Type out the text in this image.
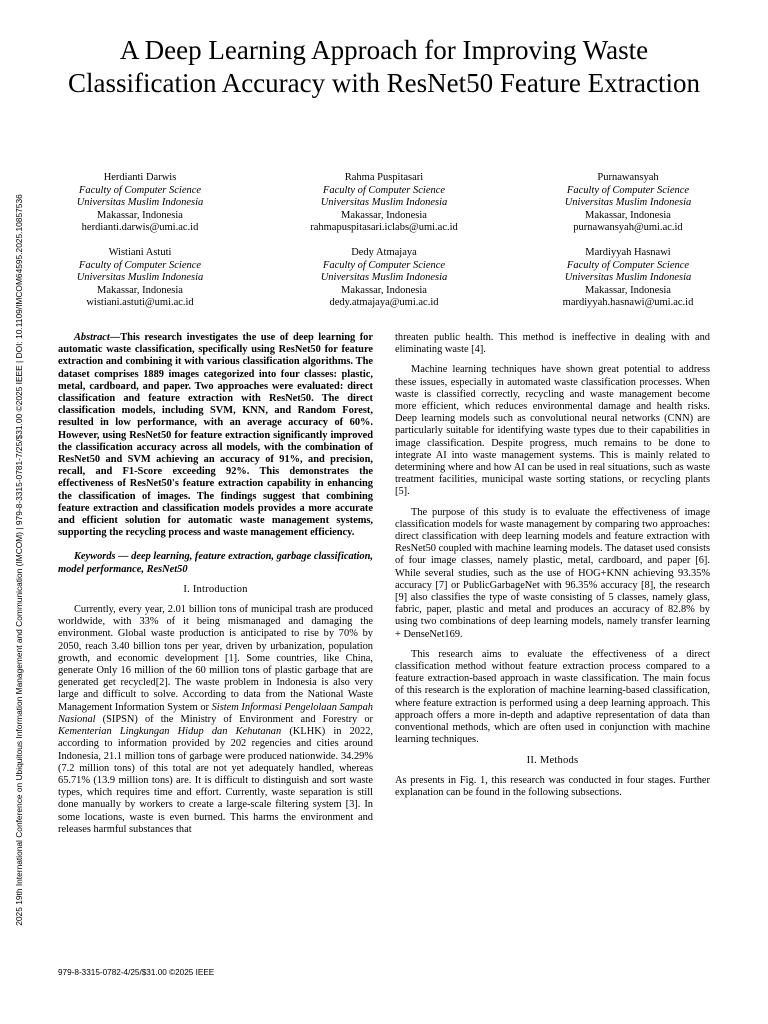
2025 19th International Conference on Ubiquitous Information Management and Communication (IMCOM) | 979-8-3315-0781-7/25/$31.00 ©2025 IEEE | DOI: 10.1109/IMCOM64595.2025.10857536
A Deep Learning Approach for Improving Waste Classification Accuracy with ResNet50 Feature Extraction
Herdianti Darwis
Faculty of Computer Science
Universitas Muslim Indonesia
Makassar, Indonesia
herdianti.darwis@umi.ac.id
Rahma Puspitasari
Faculty of Computer Science
Universitas Muslim Indonesia
Makassar, Indonesia
rahmapuspitasari.iclabs@umi.ac.id
Purnawansyah
Faculty of Computer Science
Universitas Muslim Indonesia
Makassar, Indonesia
purnawansyah@umi.ac.id
Wistiani Astuti
Faculty of Computer Science
Universitas Muslim Indonesia
Makassar, Indonesia
wistiani.astuti@umi.ac.id
Dedy Atmajaya
Faculty of Computer Science
Universitas Muslim Indonesia
Makassar, Indonesia
dedy.atmajaya@umi.ac.id
Mardiyyah Hasnawi
Faculty of Computer Science
Universitas Muslim Indonesia
Makassar, Indonesia
mardiyyah.hasnawi@umi.ac.id

Abstract—This research investigates the use of deep learning for automatic waste classification, specifically using ResNet50 for feature extraction and combining it with various classification algorithms. The dataset comprises 1889 images categorized into four classes: plastic, metal, cardboard, and paper. Two approaches were evaluated: direct classification and feature extraction with ResNet50. The direct classification models, including SVM, KNN, and Random Forest, resulted in low performance, with an average accuracy of 60%. However, using ResNet50 for feature extraction significantly improved the classification accuracy across all models, with the combination of ResNet50 and SVM achieving an accuracy of 91%, and precision, recall, and F1-Score exceeding 92%. This demonstrates the effectiveness of ResNet50's feature extraction capability in enhancing the classification of images. The findings suggest that combining feature extraction and classification models provides a more accurate and efficient solution for automatic waste management systems, supporting the recycling process and waste management efficiency.

Keywords — deep learning, feature extraction, garbage classification, model performance, ResNet50

I. Introduction

Currently, every year, 2.01 billion tons of municipal trash are produced worldwide, with 33% of it being mismanaged and damaging the environment. Global waste production is anticipated to rise by 70% by 2050, reach 3.40 billion tons per year, driven by urbanization, population growth, and economic development [1]. Some countries, like China, generate Only 16 million of the 60 million tons of plastic garbage that are generated get recycled[2]. The waste problem in Indonesia is also very large and difficult to solve. According to data from the National Waste Management Information System or Sistem Informasi Pengelolaan Sampah Nasional (SIPSN) of the Ministry of Environment and Forestry or Kementerian Lingkungan Hidup dan Kehutanan (KLHK) in 2022, according to information provided by 202 regencies and cities around Indonesia, 21.1 million tons of garbage were produced nationwide. 34.29% (7.2 million tons) of this total are not yet adequately handled, whereas 65.71% (13.9 million tons) are. It is difficult to distinguish and sort waste types, which requires time and effort. Currently, waste separation is still done manually by workers to create a large-scale filtering system [3]. In some locations, waste is even burned. This harms the environment and releases harmful substances that

threaten public health. This method is ineffective in dealing with and eliminating waste [4].

Machine learning techniques have shown great potential to address these issues, especially in automated waste classification processes. When waste is classified correctly, recycling and waste management become more efficient, which reduces environmental damage and health risks. Deep learning models such as convolutional neural networks (CNN) are particularly suitable for identifying waste types due to their capabilities in image classification. Despite progress, much remains to be done to integrate AI into waste management systems. This is mainly related to determining where and how AI can be used in real situations, such as waste treatment facilities, municipal waste sorting stations, or recycling plants [5].

The purpose of this study is to evaluate the effectiveness of image classification models for waste management by comparing two approaches: direct classification with deep learning models and feature extraction with ResNet50 coupled with machine learning models. The dataset used consists of four image classes, namely plastic, metal, cardboard, and paper [6]. While several studies, such as the use of HOG+KNN achieving 93.35% accuracy [7] or PublicGarbageNet with 96.35% accuracy [8], the research [9] also classifies the type of waste consisting of 5 classes, namely glass, fabric, paper, plastic and metal and produces an accuracy of 82.8% by using two combinations of deep learning models, namely transfer learning + DenseNet169.

This research aims to evaluate the effectiveness of a direct classification method without feature extraction process compared to a feature extraction-based approach in waste classification. The main focus of this research is the exploration of machine learning-based classification, where feature extraction is performed using a deep learning approach. This approach offers a more in-depth and adaptive representation of data than conventional methods, which are often used in conjunction with machine learning techniques.

II. Methods

As presents in Fig. 1, this research was conducted in four stages. Further explanation can be found in the following subsections.

979-8-3315-0782-4/25/$31.00 ©2025 IEEE
